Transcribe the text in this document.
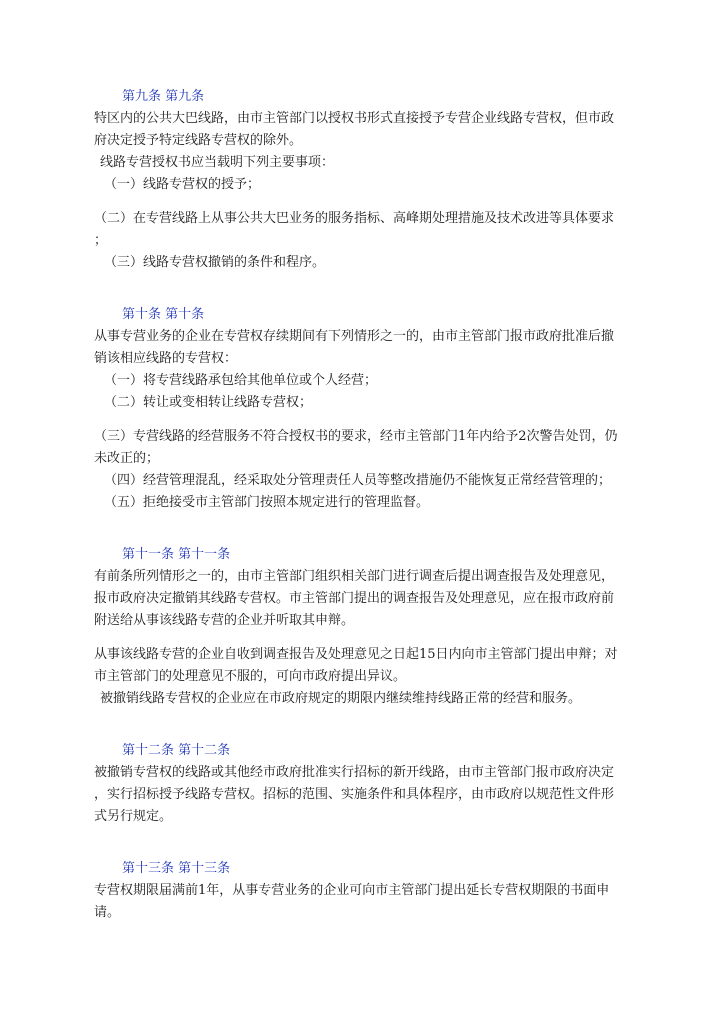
第九条 第九条
特区内的公共大巴线路，由市主管部门以授权书形式直接授予专营企业线路专营权，但市政
府决定授予特定线路专营权的除外。
线路专营授权书应当载明下列主要事项：
（一）线路专营权的授予；
（二）在专营线路上从事公共大巴业务的服务指标、高峰期处理措施及技术改进等具体要求
；
（三）线路专营权撤销的条件和程序。
第十条 第十条
从事专营业务的企业在专营权存续期间有下列情形之一的，由市主管部门报市政府批准后撤
销该相应线路的专营权：
（一）将专营线路承包给其他单位或个人经营；
（二）转让或变相转让线路专营权；
（三）专营线路的经营服务不符合授权书的要求，经市主管部门1年内给予2次警告处罚，仍
未改正的；
（四）经营管理混乱，经采取处分管理责任人员等整改措施仍不能恢复正常经营管理的；
（五）拒绝接受市主管部门按照本规定进行的管理监督。
第十一条 第十一条
有前条所列情形之一的，由市主管部门组织相关部门进行调查后提出调查报告及处理意见，
报市政府决定撤销其线路专营权。市主管部门提出的调查报告及处理意见，应在报市政府前
附送给从事该线路专营的企业并听取其申辩。
从事该线路专营的企业自收到调查报告及处理意见之日起15日内向市主管部门提出申辩；对
市主管部门的处理意见不服的，可向市政府提出异议。
被撤销线路专营权的企业应在市政府规定的期限内继续维持线路正常的经营和服务。
第十二条 第十二条
被撤销专营权的线路或其他经市政府批准实行招标的新开线路，由市主管部门报市政府决定
，实行招标授予线路专营权。招标的范围、实施条件和具体程序，由市政府以规范性文件形
式另行规定。
第十三条 第十三条
专营权期限届满前1年，从事专营业务的企业可向市主管部门提出延长专营权期限的书面申
请。
